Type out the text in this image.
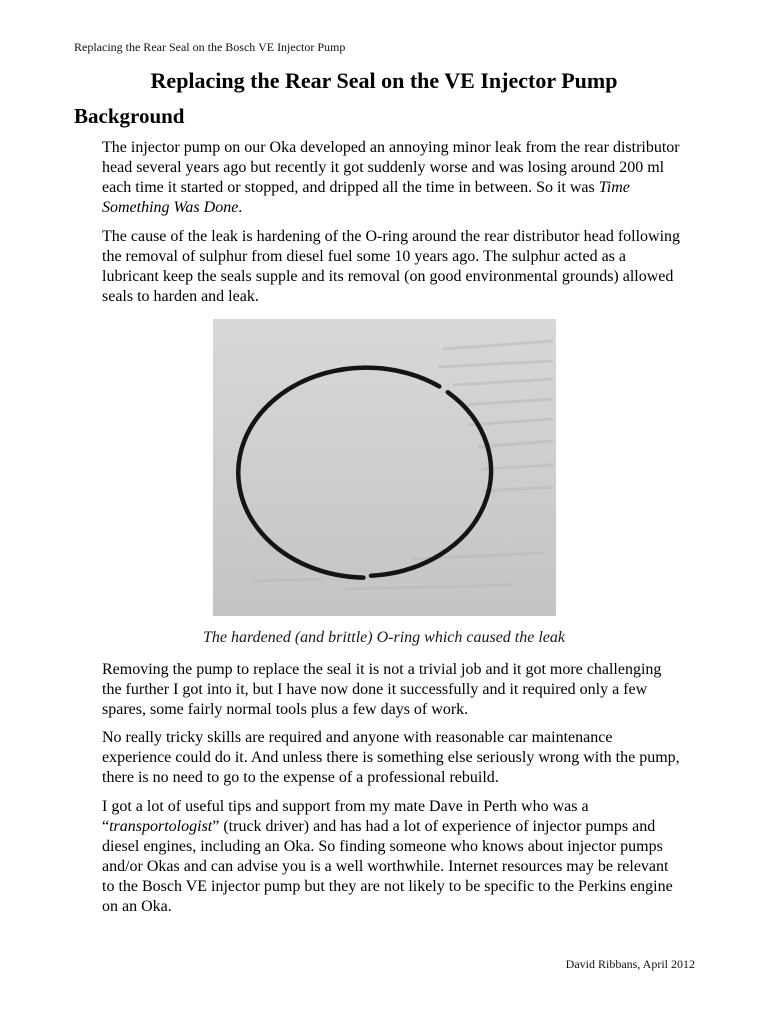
Replacing the Rear Seal on the Bosch VE Injector Pump
Replacing the Rear Seal on the VE Injector Pump
Background

The injector pump on our Oka developed an annoying minor leak from the rear distributor head several years ago but recently it got suddenly worse and was losing around 200 ml each time it started or stopped, and dripped all the time in between. So it was Time Something Was Done.

The cause of the leak is hardening of the O-ring around the rear distributor head following the removal of sulphur from diesel fuel some 10 years ago. The sulphur acted as a lubricant keep the seals supple and its removal (on good environmental grounds) allowed seals to harden and leak.

The hardened (and brittle) O-ring which caused the leak

Removing the pump to replace the seal it is not a trivial job and it got more challenging the further I got into it, but I have now done it successfully and it required only a few spares, some fairly normal tools plus a few days of work.

No really tricky skills are required and anyone with reasonable car maintenance experience could do it. And unless there is something else seriously wrong with the pump, there is no need to go to the expense of a professional rebuild.

I got a lot of useful tips and support from my mate Dave in Perth who was a “transportologist” (truck driver) and has had a lot of experience of injector pumps and diesel engines, including an Oka. So finding someone who knows about injector pumps and/or Okas and can advise you is a well worthwhile. Internet resources may be relevant to the Bosch VE injector pump but they are not likely to be specific to the Perkins engine on an Oka.

David Ribbans, April 2012
